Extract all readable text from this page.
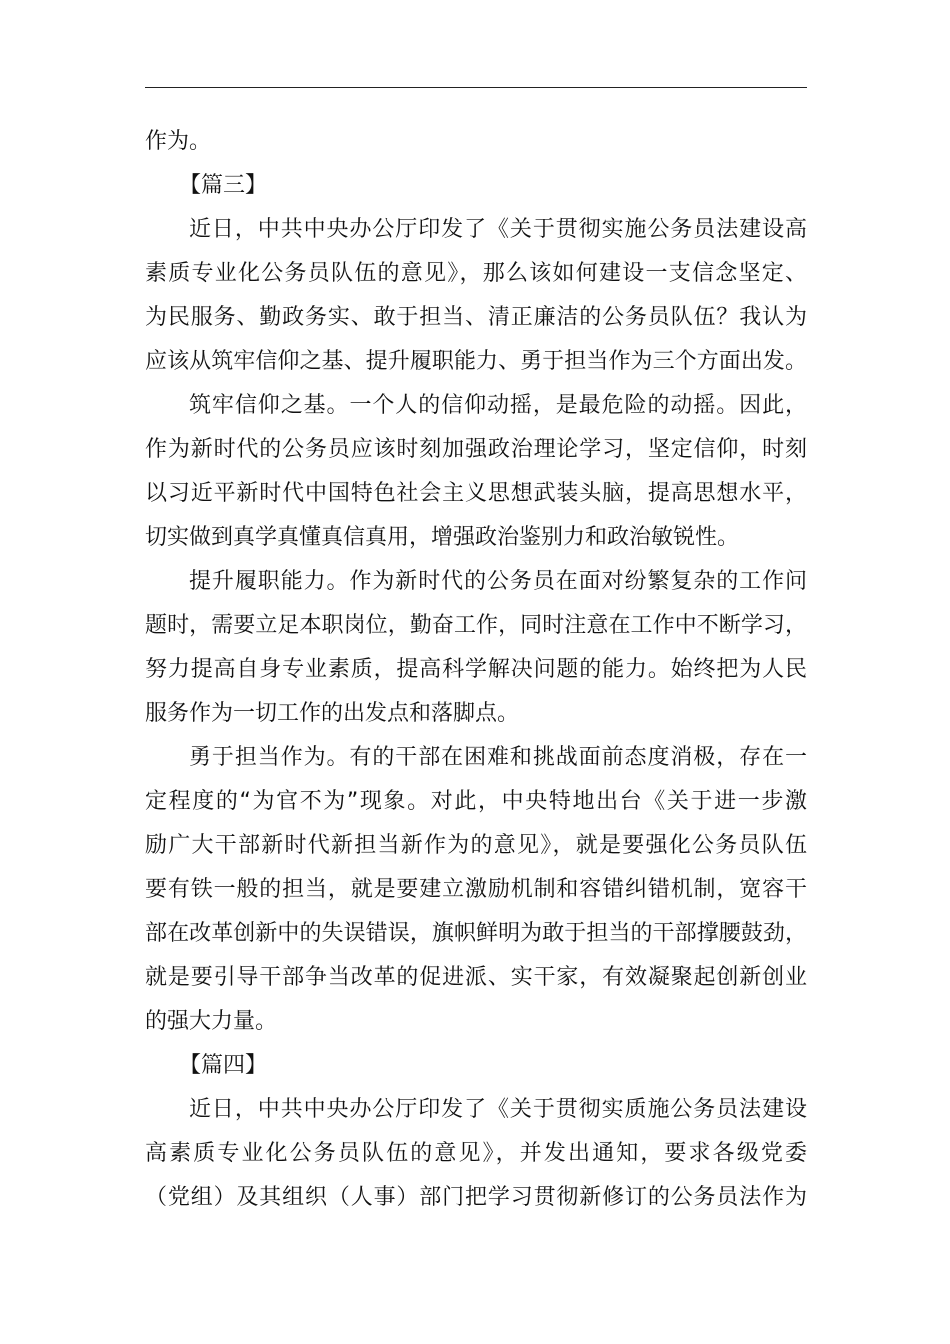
作为。
【篇三】
近日，中共中央办公厅印发了《关于贯彻实施公务员法建设高
素质专业化公务员队伍的意见》，那么该如何建设一支信念坚定、
为民服务、勤政务实、敢于担当、清正廉洁的公务员队伍？我认为
应该从筑牢信仰之基、提升履职能力、勇于担当作为三个方面出发。
筑牢信仰之基。一个人的信仰动摇，是最危险的动摇。因此，
作为新时代的公务员应该时刻加强政治理论学习，坚定信仰，时刻
以习近平新时代中国特色社会主义思想武装头脑，提高思想水平，
切实做到真学真懂真信真用，增强政治鉴别力和政治敏锐性。
提升履职能力。作为新时代的公务员在面对纷繁复杂的工作问
题时，需要立足本职岗位，勤奋工作，同时注意在工作中不断学习，
努力提高自身专业素质，提高科学解决问题的能力。始终把为人民
服务作为一切工作的出发点和落脚点。
勇于担当作为。有的干部在困难和挑战面前态度消极，存在一
定程度的“为官不为”现象。对此，中央特地出台《关于进一步激
励广大干部新时代新担当新作为的意见》，就是要强化公务员队伍
要有铁一般的担当，就是要建立激励机制和容错纠错机制，宽容干
部在改革创新中的失误错误，旗帜鲜明为敢于担当的干部撑腰鼓劲，
就是要引导干部争当改革的促进派、实干家，有效凝聚起创新创业
的强大力量。
【篇四】
近日，中共中央办公厅印发了《关于贯彻实质施公务员法建设
高素质专业化公务员队伍的意见》，并发出通知，要求各级党委
（党组）及其组织（人事）部门把学习贯彻新修订的公务员法作为
